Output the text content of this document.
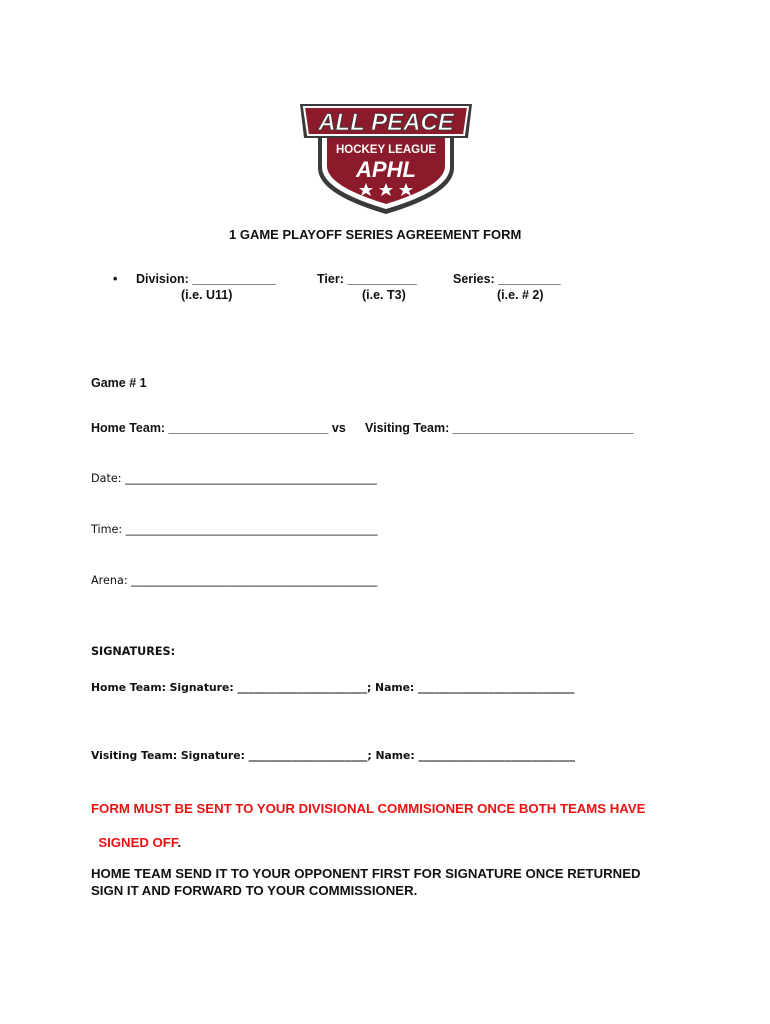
ALL PEACE
HOCKEY LEAGUE
APHL
1 GAME PLAYOFF SERIES AGREEMENT FORM
• Division: ____________
(i.e. U11)
Tier: __________
(i.e. T3)
Series: _________
(i.e. # 2)
Game # 1
Home Team: _______________________ vs Visiting Team: __________________________
Date: _____________________________________________
Time: _____________________________________________
Arena: ____________________________________________
SIGNATURES:
Home Team: Signature: ________________________; Name: _____________________________
Visiting Team: Signature: ______________________; Name: _____________________________
FORM MUST BE SENT TO YOUR DIVISIONAL COMMISIONER ONCE BOTH TEAMS HAVE

SIGNED OFF.

HOME TEAM SEND IT TO YOUR OPPONENT FIRST FOR SIGNATURE ONCE RETURNED
SIGN IT AND FORWARD TO YOUR COMMISSIONER.
